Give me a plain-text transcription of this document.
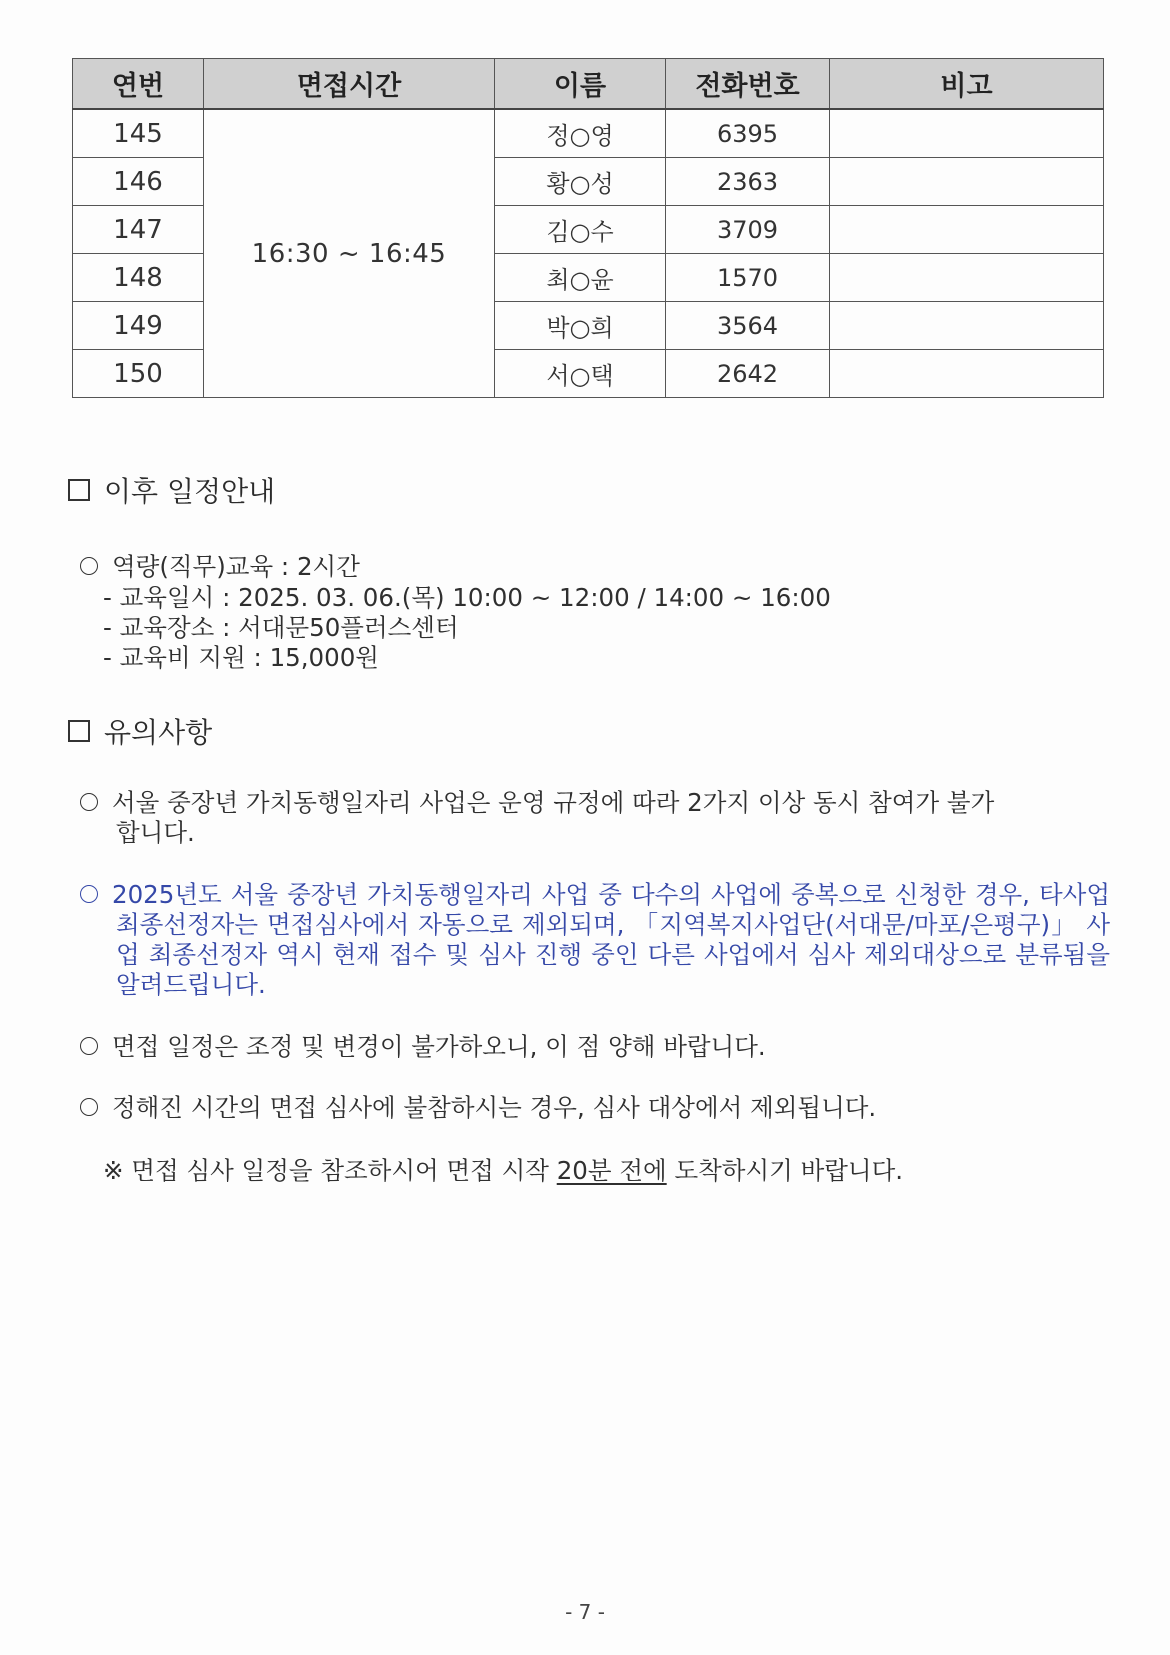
연번	면접시간	이름	전화번호	비고
145	16:30 ~ 16:45	정○영	6395	
146		황○성	2363	
147		김○수	3709	
148		최○윤	1570	
149		박○희	3564	
150		서○택	2642	
이후 일정안내
역량(직무)교육 : 2시간
- 교육일시 : 2025. 03. 06.(목) 10:00 ~ 12:00 / 14:00 ~ 16:00
- 교육장소 : 서대문50플러스센터
- 교육비 지원 : 15,000원
유의사항
서울 중장년 가치동행일자리 사업은 운영 규정에 따라 2가지 이상 동시 참여가 불가합니다.
2025년도 서울 중장년 가치동행일자리 사업 중 다수의 사업에 중복으로 신청한 경우, 타사업 최종선정자는 면접심사에서 자동으로 제외되며, 「지역복지사업단(서대문/마포/은평구)」 사업 최종선정자 역시 현재 접수 및 심사 진행 중인 다른 사업에서 심사 제외대상으로 분류됨을 알려드립니다.
면접 일정은 조정 및 변경이 불가하오니, 이 점 양해 바랍니다.
정해진 시간의 면접 심사에 불참하시는 경우, 심사 대상에서 제외됩니다.
※ 면접 심사 일정을 참조하시어 면접 시작 20분 전에 도착하시기 바랍니다.
- 7 -
